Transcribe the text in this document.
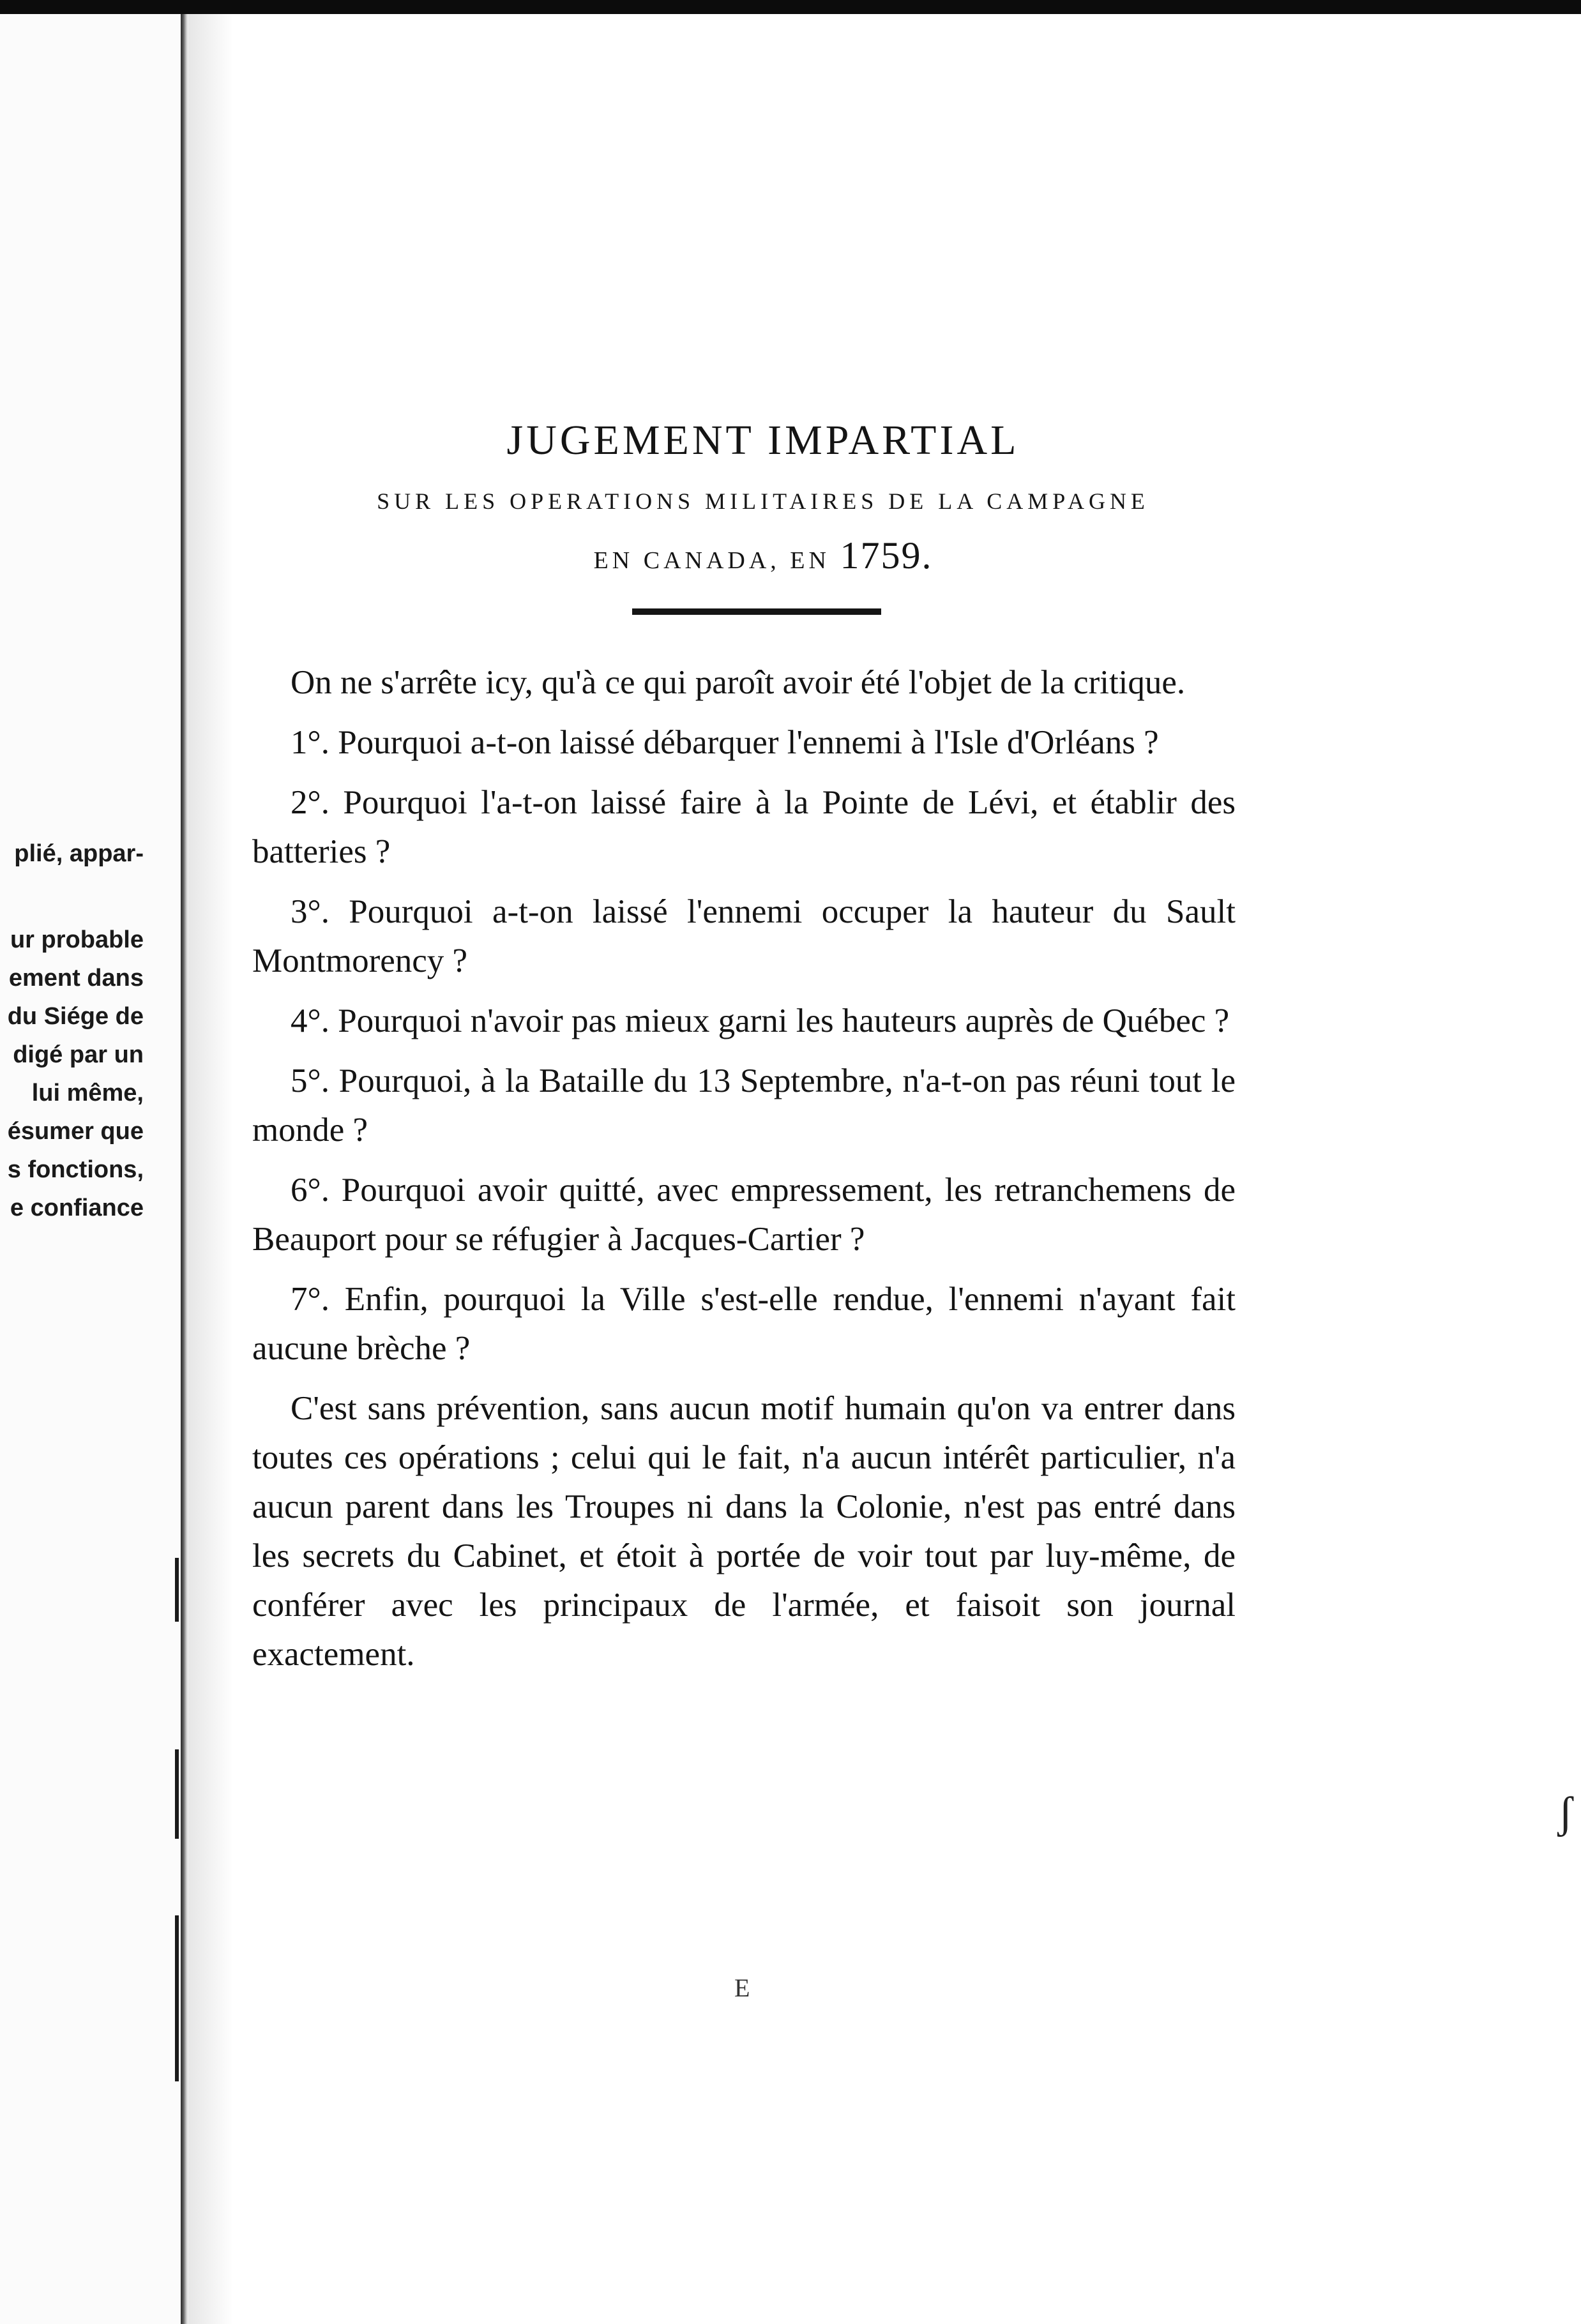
plié, appar-
ur probable
ement dans
du Siége de
digé par un
lui même,
ésumer que
s fonctions,
e confiance
JUGEMENT IMPARTIAL
SUR LES OPERATIONS MILITAIRES DE LA CAMPAGNE
EN CANADA, EN 1759.

On ne s'arrête icy, qu'à ce qui paroît avoir été l'objet de la critique.

1°. Pourquoi a-t-on laissé débarquer l'ennemi à l'Isle d'Orléans ?

2°. Pourquoi l'a-t-on laissé faire à la Pointe de Lévi, et établir des batteries ?

3°. Pourquoi a-t-on laissé l'ennemi occuper la hauteur du Sault Montmorency ?

4°. Pourquoi n'avoir pas mieux garni les hauteurs auprès de Québec ?

5°. Pourquoi, à la Bataille du 13 Septembre, n'a-t-on pas réuni tout le monde ?

6°. Pourquoi avoir quitté, avec empressement, les retranchemens de Beauport pour se réfugier à Jacques-Cartier ?

7°. Enfin, pourquoi la Ville s'est-elle rendue, l'ennemi n'ayant fait aucune brèche ?

C'est sans prévention, sans aucun motif humain qu'on va entrer dans toutes ces opérations ; celui qui le fait, n'a aucun intérêt particulier, n'a aucun parent dans les Troupes ni dans la Colonie, n'est pas entré dans les secrets du Cabinet, et étoit à portée de voir tout par luy-même, de conférer avec les principaux de l'armée, et faisoit son journal exactement.

E
ʃ
